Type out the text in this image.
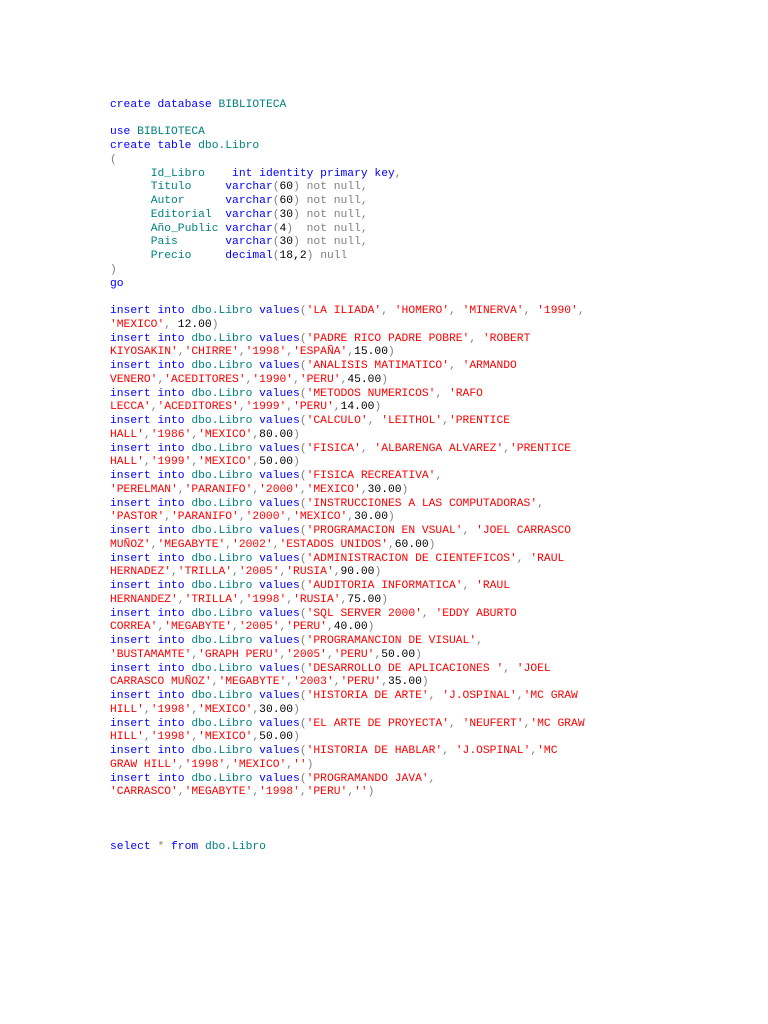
create database BIBLIOTECA
use BIBLIOTECA
create table dbo.Libro
(
Id_Libro int identity primary key,
Titulo	varchar(60) not null,
Autor	varchar(60) not null,
Editorial varchar(30) not null,
Año_Public varchar(4)  not null,
Pais	varchar(30) not null,
Precio	decimal(18,2) null
)
go
insert into dbo.Libro values('LA ILIADA', 'HOMERO', 'MINERVA', '1990',
'MEXICO', 12.00)
insert into dbo.Libro values('PADRE RICO PADRE POBRE', 'ROBERT
KIYOSAKIN','CHIRRE','1998','ESPAÑA',15.00)
insert into dbo.Libro values('ANALISIS MATIMATICO', 'ARMANDO
VENERO','ACEDITORES','1990','PERU',45.00)
insert into dbo.Libro values('METODOS NUMERICOS', 'RAFO
LECCA','ACEDITORES','1999','PERU',14.00)
insert into dbo.Libro values('CALCULO', 'LEITHOL','PRENTICE
HALL','1986','MEXICO',80.00)
insert into dbo.Libro values('FISICA', 'ALBARENGA ALVAREZ','PRENTICE
HALL','1999','MEXICO',50.00)
insert into dbo.Libro values('FISICA RECREATIVA',
'PERELMAN','PARANIFO','2000','MEXICO',30.00)
insert into dbo.Libro values('INSTRUCCIONES A LAS COMPUTADORAS',
'PASTOR','PARANIFO','2000','MEXICO',30.00)
insert into dbo.Libro values('PROGRAMACION EN VSUAL', 'JOEL CARRASCO
MUÑOZ','MEGABYTE','2002','ESTADOS UNIDOS',60.00)
insert into dbo.Libro values('ADMINISTRACION DE CIENTEFICOS', 'RAUL
HERNADEZ','TRILLA','2005','RUSIA',90.00)
insert into dbo.Libro values('AUDITORIA INFORMATICA', 'RAUL
HERNANDEZ','TRILLA','1998','RUSIA',75.00)
insert into dbo.Libro values('SQL SERVER 2000', 'EDDY ABURTO
CORREA','MEGABYTE','2005','PERU',40.00)
insert into dbo.Libro values('PROGRAMANCION DE VISUAL',
'BUSTAMAMTE','GRAPH PERU','2005','PERU',50.00)
insert into dbo.Libro values('DESARROLLO DE APLICACIONES ', 'JOEL
CARRASCO MUÑOZ','MEGABYTE','2003','PERU',35.00)
insert into dbo.Libro values('HISTORIA DE ARTE', 'J.OSPINAL','MC GRAW
HILL','1998','MEXICO',30.00)
insert into dbo.Libro values('EL ARTE DE PROYECTA', 'NEUFERT','MC GRAW
HILL','1998','MEXICO',50.00)
insert into dbo.Libro values('HISTORIA DE HABLAR', 'J.OSPINAL','MC
GRAW HILL','1998','MEXICO','')
insert into dbo.Libro values('PROGRAMANDO JAVA',
'CARRASCO','MEGABYTE','1998','PERU','')
select * from dbo.Libro
